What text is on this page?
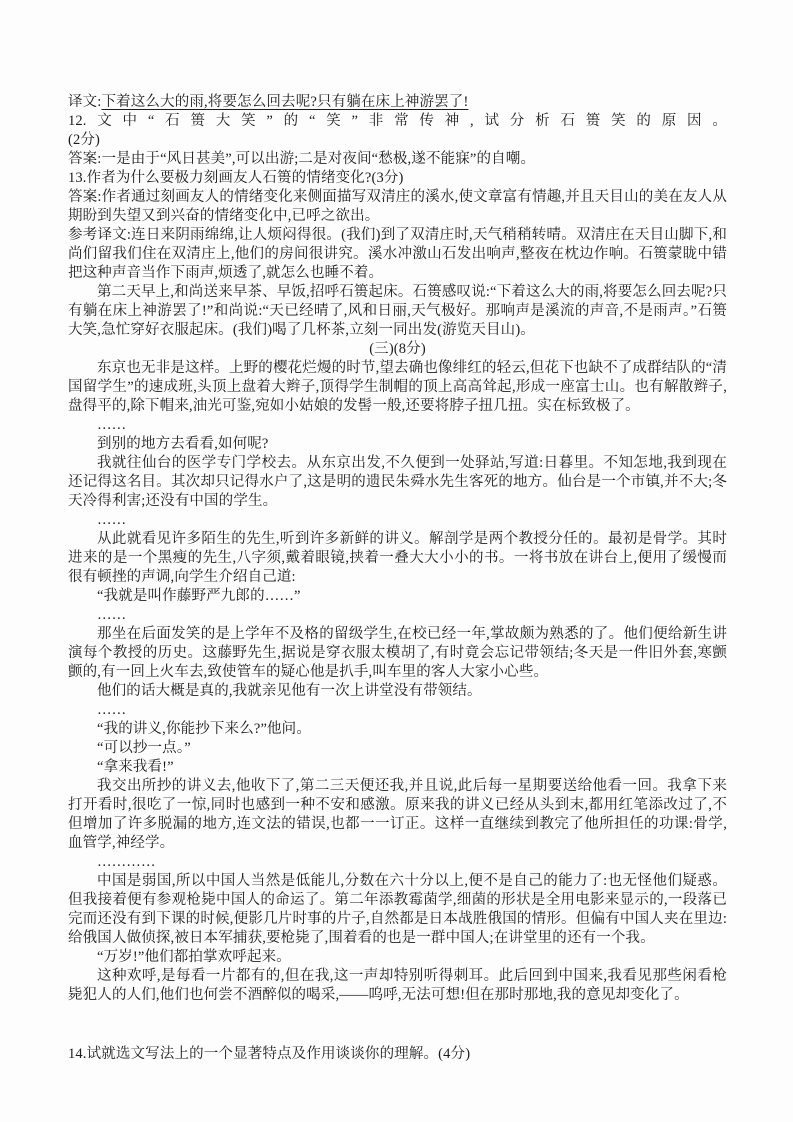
译文:下着这么大的雨,将要怎么回去呢?只有躺在床上神游罢了!

12.文中“石篑大笑”的“笑”非常传神,试分析石篑笑的原因。

(2分)

答案:一是由于“风日甚美”,可以出游;二是对夜间“愁极,遂不能寐”的自嘲。

13.作者为什么要极力刻画友人石篑的情绪变化?(3分)

答案:作者通过刻画友人的情绪变化来侧面描写双清庄的溪水,使文章富有情趣,并且天目山的美在友人从期盼到失望又到兴奋的情绪变化中,已呼之欲出。

参考译文:连日来阴雨绵绵,让人烦闷得很。(我们)到了双清庄时,天气稍稍转晴。双清庄在天目山脚下,和尚们留我们住在双清庄上,他们的房间很讲究。溪水冲激山石发出响声,整夜在枕边作响。石篑蒙眬中错把这种声音当作下雨声,烦透了,就怎么也睡不着。

第二天早上,和尚送来早茶、早饭,招呼石篑起床。石篑感叹说:“下着这么大的雨,将要怎么回去呢?只有躺在床上神游罢了!”和尚说:“天已经晴了,风和日丽,天气极好。那响声是溪流的声音,不是雨声。”石篑大笑,急忙穿好衣服起床。(我们)喝了几杯茶,立刻一同出发(游览天目山)。

(三)(8分)

东京也无非是这样。上野的樱花烂熳的时节,望去确也像绯红的轻云,但花下也缺不了成群结队的“清国留学生”的速成班,头顶上盘着大辫子,顶得学生制帽的顶上高高耸起,形成一座富士山。也有解散辫子,盘得平的,除下帽来,油光可鉴,宛如小姑娘的发髻一般,还要将脖子扭几扭。实在标致极了。

……

到别的地方去看看,如何呢?

我就往仙台的医学专门学校去。从东京出发,不久便到一处驿站,写道:日暮里。不知怎地,我到现在还记得这名目。其次却只记得水户了,这是明的遗民朱舜水先生客死的地方。仙台是一个市镇,并不大;冬天冷得利害;还没有中国的学生。

……

从此就看见许多陌生的先生,听到许多新鲜的讲义。解剖学是两个教授分任的。最初是骨学。其时进来的是一个黑瘦的先生,八字须,戴着眼镜,挟着一叠大大小小的书。一将书放在讲台上,便用了缓慢而很有顿挫的声调,向学生介绍自己道:

“我就是叫作藤野严九郎的……”

……

那坐在后面发笑的是上学年不及格的留级学生,在校已经一年,掌故颇为熟悉的了。他们便给新生讲演每个教授的历史。这藤野先生,据说是穿衣服太模胡了,有时竟会忘记带领结;冬天是一件旧外套,寒颤颤的,有一回上火车去,致使管车的疑心他是扒手,叫车里的客人大家小心些。

他们的话大概是真的,我就亲见他有一次上讲堂没有带领结。

……

“我的讲义,你能抄下来么?”他问。

“可以抄一点。”

“拿来我看!”

我交出所抄的讲义去,他收下了,第二三天便还我,并且说,此后每一星期要送给他看一回。我拿下来打开看时,很吃了一惊,同时也感到一种不安和感激。原来我的讲义已经从头到末,都用红笔添改过了,不但增加了许多脱漏的地方,连文法的错误,也都一一订正。这样一直继续到教完了他所担任的功课:骨学,血管学,神经学。

…………

中国是弱国,所以中国人当然是低能儿,分数在六十分以上,便不是自己的能力了:也无怪他们疑惑。但我接着便有参观枪毙中国人的命运了。第二年添教霉菌学,细菌的形状是全用电影来显示的,一段落已完而还没有到下课的时候,便影几片时事的片子,自然都是日本战胜俄国的情形。但偏有中国人夹在里边:给俄国人做侦探,被日本军捕获,要枪毙了,围着看的也是一群中国人;在讲堂里的还有一个我。

“万岁!”他们都拍掌欢呼起来。

这种欢呼,是每看一片都有的,但在我,这一声却特别听得刺耳。此后回到中国来,我看见那些闲看枪毙犯人的人们,他们也何尝不酒醉似的喝采,——呜呼,无法可想!但在那时那地,我的意见却变化了。

14.试就选文写法上的一个显著特点及作用谈谈你的理解。(4分)
